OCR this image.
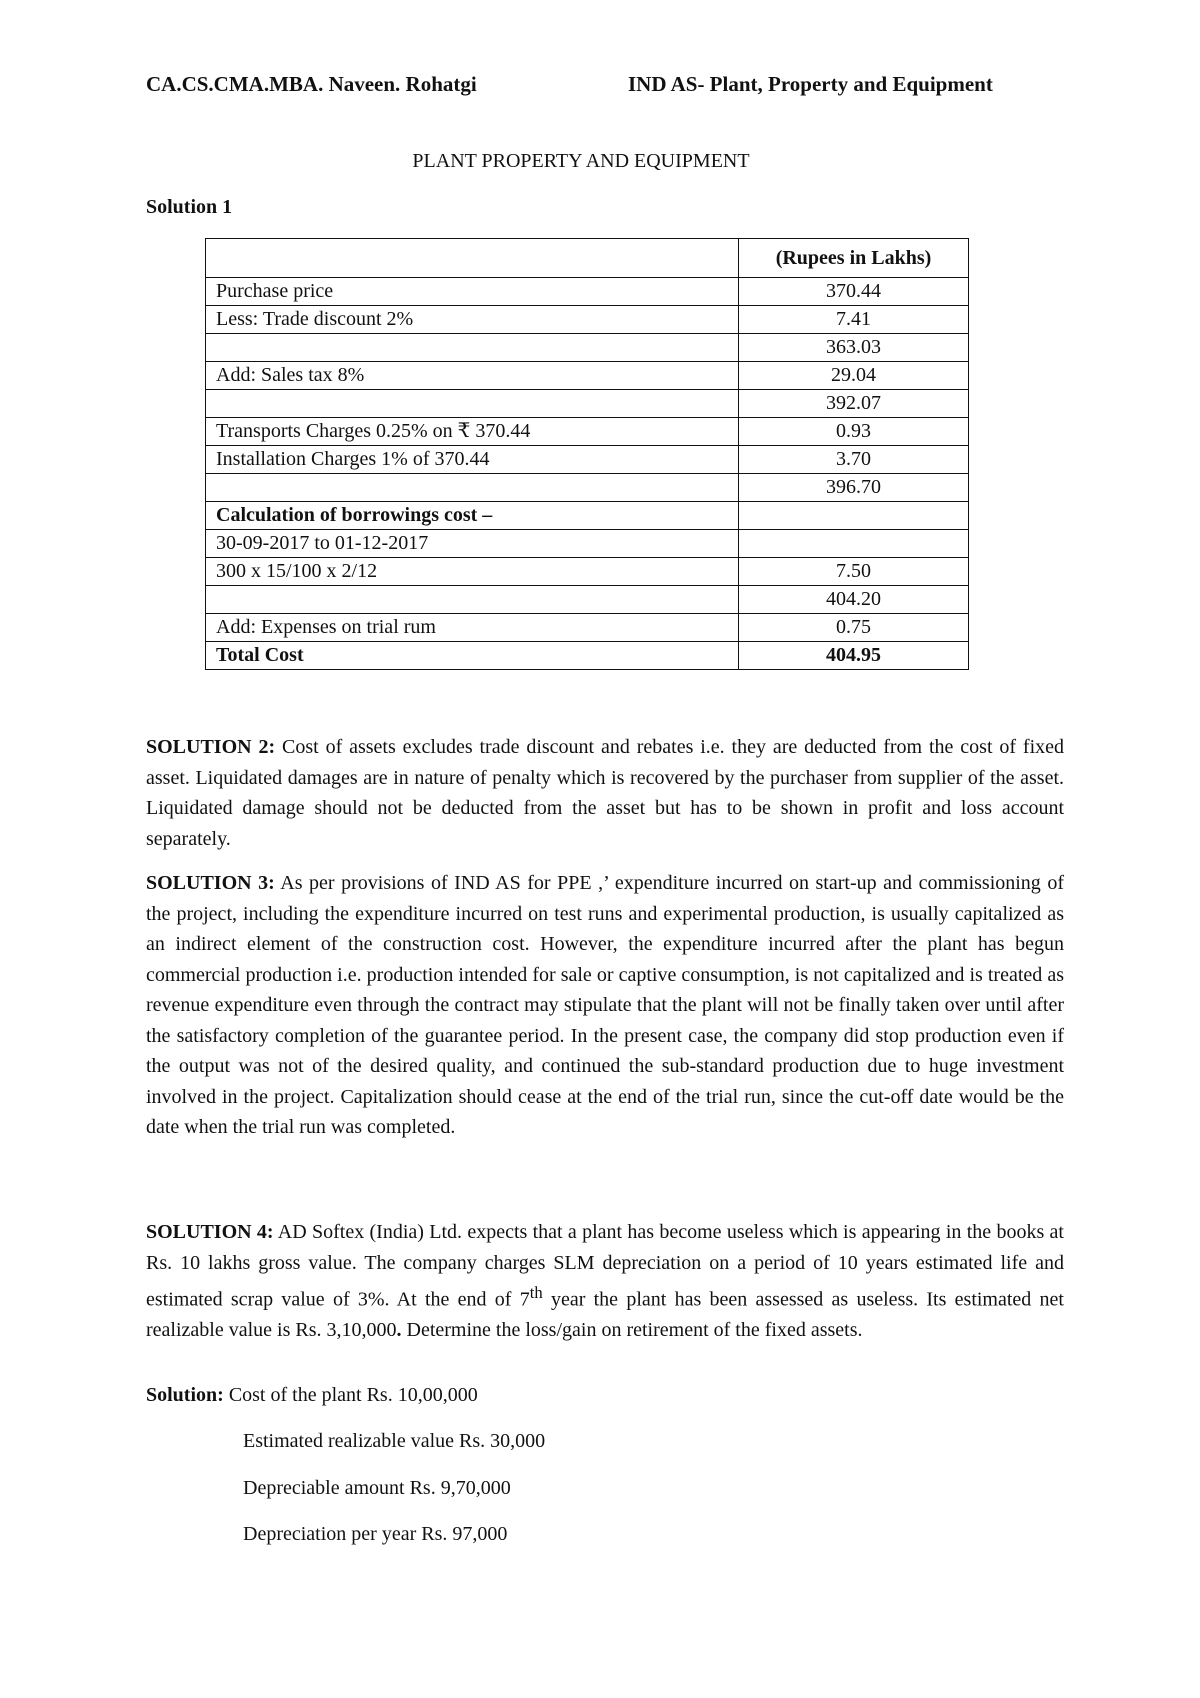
CA.CS.CMA.MBA. Naveen. Rohatgi	IND AS- Plant, Property and Equipment
PLANT PROPERTY AND EQUIPMENT
Solution 1
	(Rupees in Lakhs)
Purchase price	370.44
Less: Trade discount 2%	7.41
	363.03
Add: Sales tax 8%	29.04
	392.07
Transports Charges 0.25% on ₹ 370.44	0.93
Installation Charges 1% of 370.44	3.70
	396.70
Calculation of borrowings cost –	
30-09-2017 to 01-12-2017	
300 x 15/100 x 2/12	7.50
	404.20
Add: Expenses on trial rum	0.75
Total Cost	404.95

SOLUTION 2: Cost of assets excludes trade discount and rebates i.e. they are deducted from the cost of fixed asset. Liquidated damages are in nature of penalty which is recovered by the purchaser from supplier of the asset. Liquidated damage should not be deducted from the asset but has to be shown in profit and loss account separately.

SOLUTION 3: As per provisions of IND AS for PPE ,’ expenditure incurred on start-up and commissioning of the project, including the expenditure incurred on test runs and experimental production, is usually capitalized as an indirect element of the construction cost. However, the expenditure incurred after the plant has begun commercial production i.e. production intended for sale or captive consumption, is not capitalized and is treated as revenue expenditure even through the contract may stipulate that the plant will not be finally taken over until after the satisfactory completion of the guarantee period. In the present case, the company did stop production even if the output was not of the desired quality, and continued the sub-standard production due to huge investment involved in the project. Capitalization should cease at the end of the trial run, since the cut-off date would be the date when the trial run was completed.

SOLUTION 4: AD Softex (India) Ltd. expects that a plant has become useless which is appearing in the books at Rs. 10 lakhs gross value. The company charges SLM depreciation on a period of 10 years estimated life and estimated scrap value of 3%. At the end of 7th year the plant has been assessed as useless. Its estimated net realizable value is Rs. 3,10,000. Determine the loss/gain on retirement of the fixed assets.

Solution: Cost of the plant Rs. 10,00,000
Estimated realizable value Rs. 30,000
Depreciable amount Rs. 9,70,000
Depreciation per year Rs. 97,000
